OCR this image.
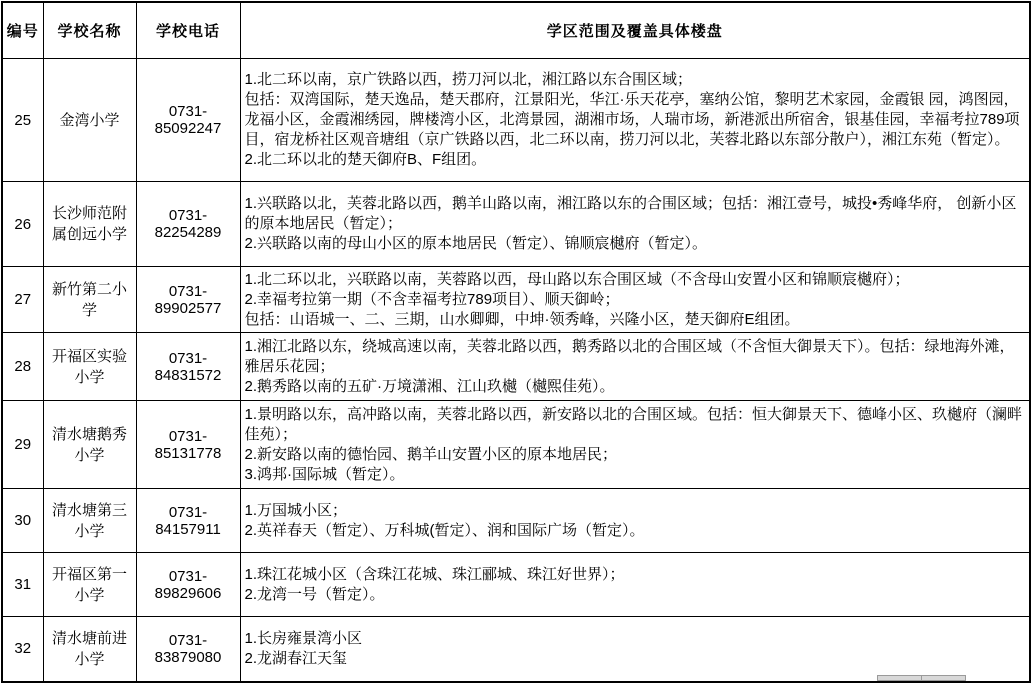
编号	学校名称	学校电话	学区范围及覆盖具体楼盘
25	金湾小学	0731-85092247	1.北二环以南，京广铁路以西，捞刀河以北，湘江路以东合围区域；
包括：双湾国际，楚天逸品，楚天郡府，江景阳光，华江·乐天花亭，塞纳公馆，黎明艺术家园，金霞银 园，鸿图园，龙福小区，金霞湘绣园，牌楼湾小区，北湾景园，湖湘市场，人瑞市场，新港派出所宿舍，银基佳园，幸福考拉789项目，宿龙桥社区观音塘组（京广铁路以西，北二环以南，捞刀河以北，芙蓉北路以东部分散户），湘江东苑（暂定）。
2.北二环以北的楚天御府B、F组团。

26	长沙师范附属创远小学	0731-82254289	1.兴联路以北，芙蓉北路以西，鹅羊山路以南，湘江路以东的合围区域；包括：湘江壹号，城投•秀峰华府， 创新小区的原本地居民（暂定）；
2.兴联路以南的母山小区的原本地居民（暂定）、锦顺宸樾府（暂定）。

27	新竹第二小学	0731-89902577	1.北二环以北，兴联路以南，芙蓉路以西，母山路以东合围区域（不含母山安置小区和锦顺宸樾府）；
2.幸福考拉第一期（不含幸福考拉789项目）、顺天御岭；
包括：山语城一、二、三期，山水卿卿，中坤·领秀峰，兴隆小区，楚天御府E组团。

28	开福区实验小学	0731-84831572	1.湘江北路以东，绕城高速以南，芙蓉北路以西，鹅秀路以北的合围区域（不含恒大御景天下）。包括：绿地海外滩，雅居乐花园；
2.鹅秀路以南的五矿·万境潇湘、江山玖樾（樾熙佳苑）。

29	清水塘鹅秀小学	0731-85131778	1.景明路以东，高冲路以南，芙蓉北路以西，新安路以北的合围区域。包括：恒大御景天下、德峰小区、玖樾府（澜畔佳苑）；
2.新安路以南的德怡园、鹅羊山安置小区的原本地居民；
3.鸿邦·国际城（暂定）。

30	清水塘第三小学	0731-84157911	1.万国城小区；
2.英祥春天（暂定）、万科城(暂定）、润和国际广场（暂定）。

31	开福区第一小学	0731-89829606	1.珠江花城小区（含珠江花城、珠江郦城、珠江好世界）；
2.龙湾一号（暂定）。

32	清水塘前进小学	0731-83879080	1.长房雍景湾小区
2.龙湖春江天玺
